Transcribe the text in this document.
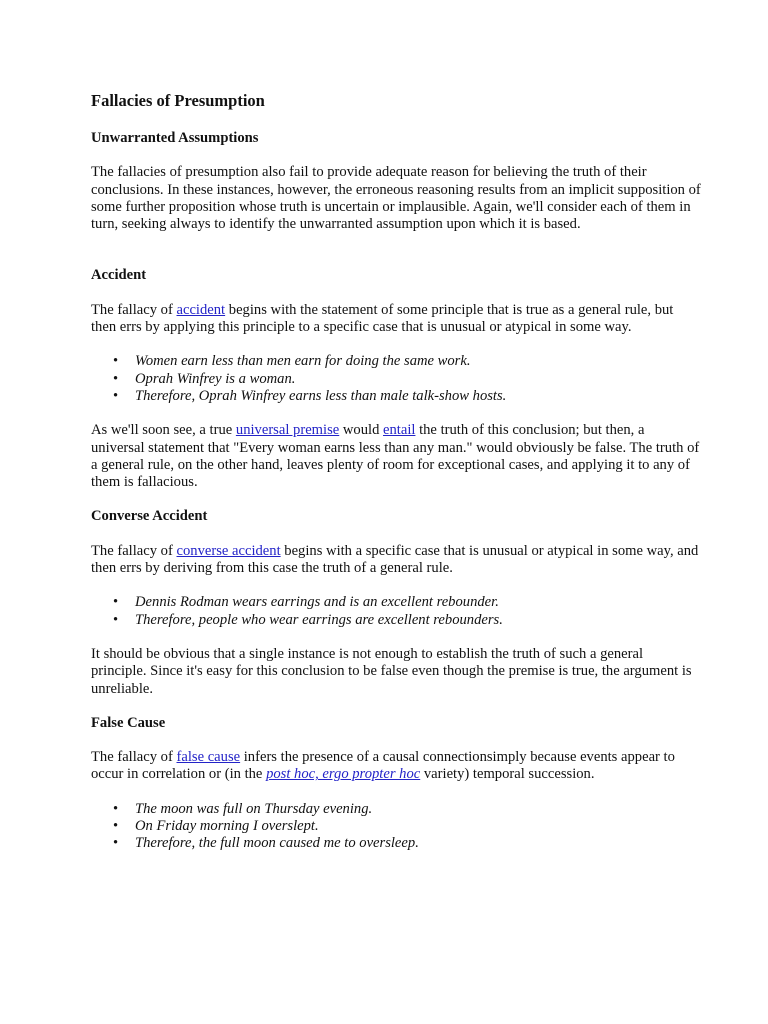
Fallacies of Presumption
Unwarranted Assumptions

The fallacies of presumption also fail to provide adequate reason for believing the truth of their conclusions. In these instances, however, the erroneous reasoning results from an implicit supposition of some further proposition whose truth is uncertain or implausible. Again, we'll consider each of them in turn, seeking always to identify the unwarranted assumption upon which it is based.

Accident

The fallacy of accident begins with the statement of some principle that is true as a general rule, but then errs by applying this principle to a specific case that is unusual or atypical in some way.

• Women earn less than men earn for doing the same work.
• Oprah Winfrey is a woman.
• Therefore, Oprah Winfrey earns less than male talk-show hosts.

As we'll soon see, a true universal premise would entail the truth of this conclusion; but then, a universal statement that "Every woman earns less than any man." would obviously be false. The truth of a general rule, on the other hand, leaves plenty of room for exceptional cases, and applying it to any of them is fallacious.

Converse Accident

The fallacy of converse accident begins with a specific case that is unusual or atypical in some way, and then errs by deriving from this case the truth of a general rule.

• Dennis Rodman wears earrings and is an excellent rebounder.
• Therefore, people who wear earrings are excellent rebounders.

It should be obvious that a single instance is not enough to establish the truth of such a general principle. Since it's easy for this conclusion to be false even though the premise is true, the argument is unreliable.

False Cause

The fallacy of false cause infers the presence of a causal connectionsimply because events appear to occur in correlation or (in the post hoc, ergo propter hoc variety) temporal succession.

• The moon was full on Thursday evening.
• On Friday morning I overslept.
• Therefore, the full moon caused me to oversleep.
